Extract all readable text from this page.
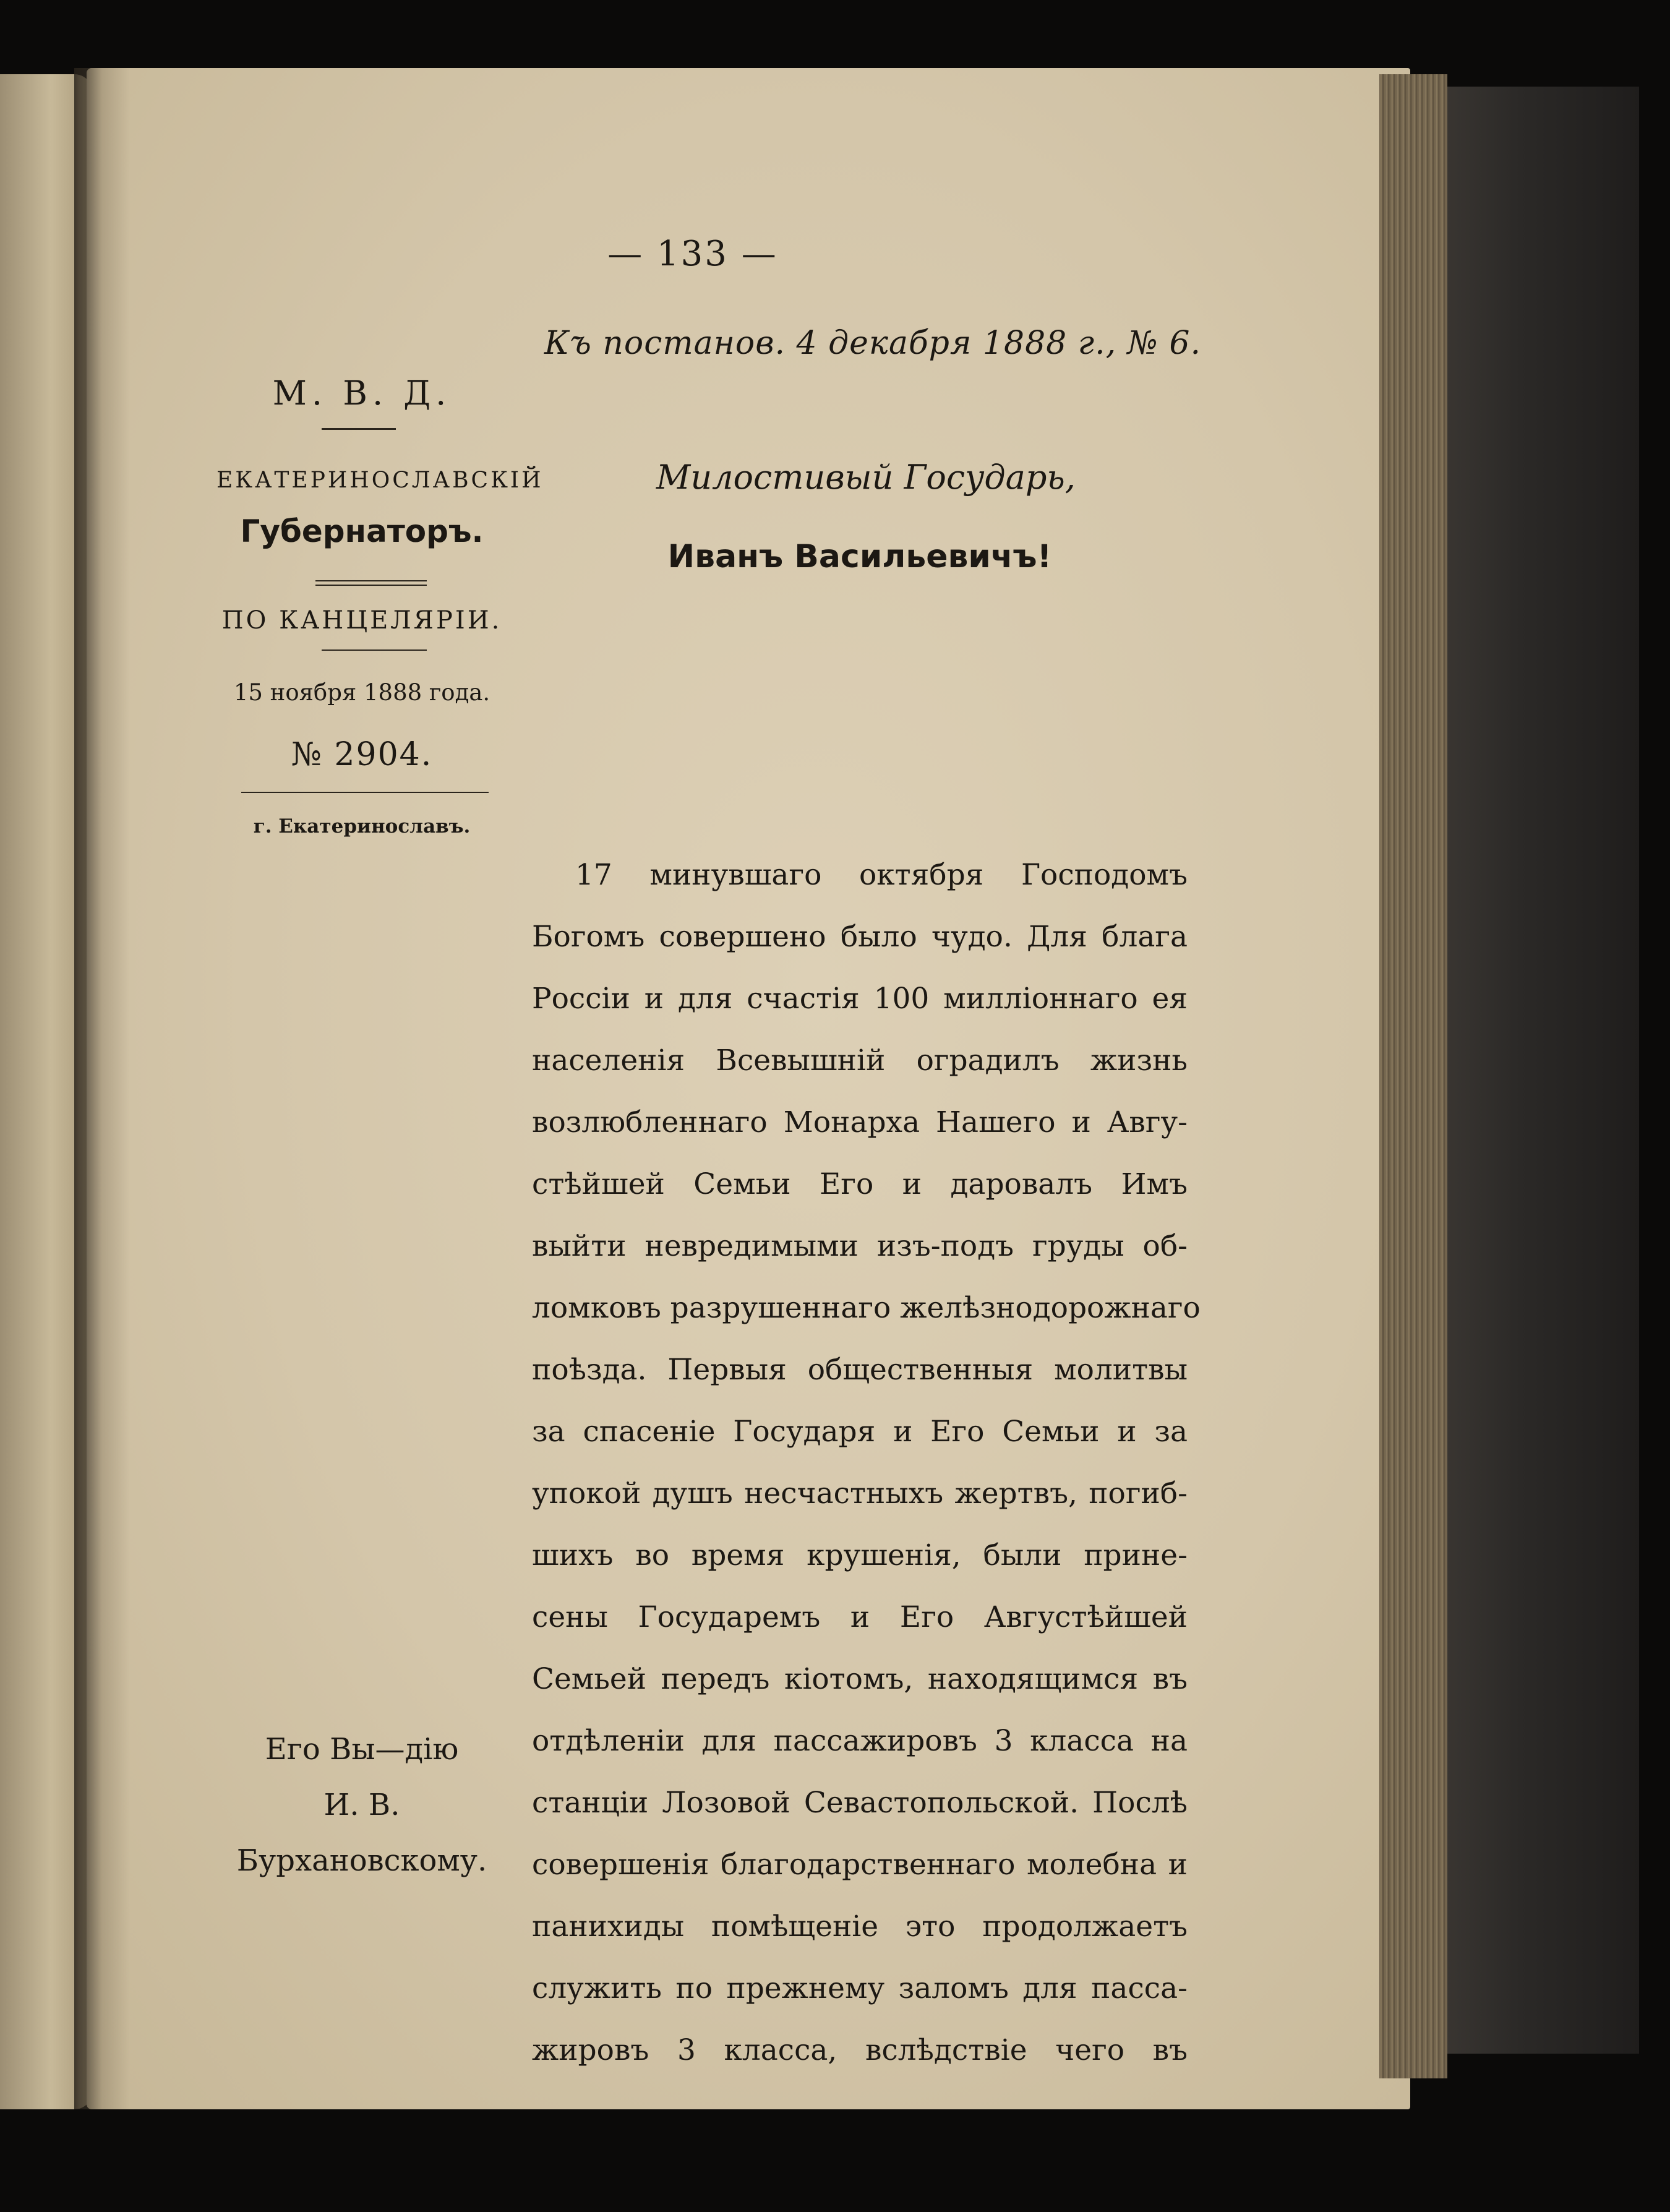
— 133 —
Къ постанов. 4 декабря 1888 г., № 6.
М. В. Д.
ЕКАТЕРИНОСЛАВСКІЙ
Губернаторъ.
ПО КАНЦЕЛЯРІИ.
15 ноября 1888 года.
№ 2904.
г. Екатеринославъ.
Милостивый Государь,
Иванъ Васильевичъ!
17 минувшаго октября Господомъ
Богомъ совершено было чудо. Для блага
Россіи и для счастія 100 милліоннаго ея
населенія Всевышній оградилъ жизнь
возлюбленнаго Монарха Нашего и Авгу-
стѣйшей Семьи Его и даровалъ Имъ
выйти невредимыми изъ-подъ груды об-
ломковъ разрушеннаго желѣзнодорожнаго
поѣзда. Первыя общественныя молитвы
за спасеніе Государя и Его Семьи и за
упокой душъ несчастныхъ жертвъ, погиб-
шихъ во время крушенія, были принe-
сены Государемъ и Его Августѣйшей
Семьей передъ кіотомъ, находящимся въ
отдѣленіи для пассажировъ 3 класса на
станціи Лозовой Севастопольской. Послѣ
совершенія благодарственнаго молебна и
панихиды помѣщеніе это продолжаетъ
служить по прежнему заломъ для пасса-
жировъ 3 класса, вслѣдствіе чего въ
Его Вы—дію
И. В.
Бурхановскому.
